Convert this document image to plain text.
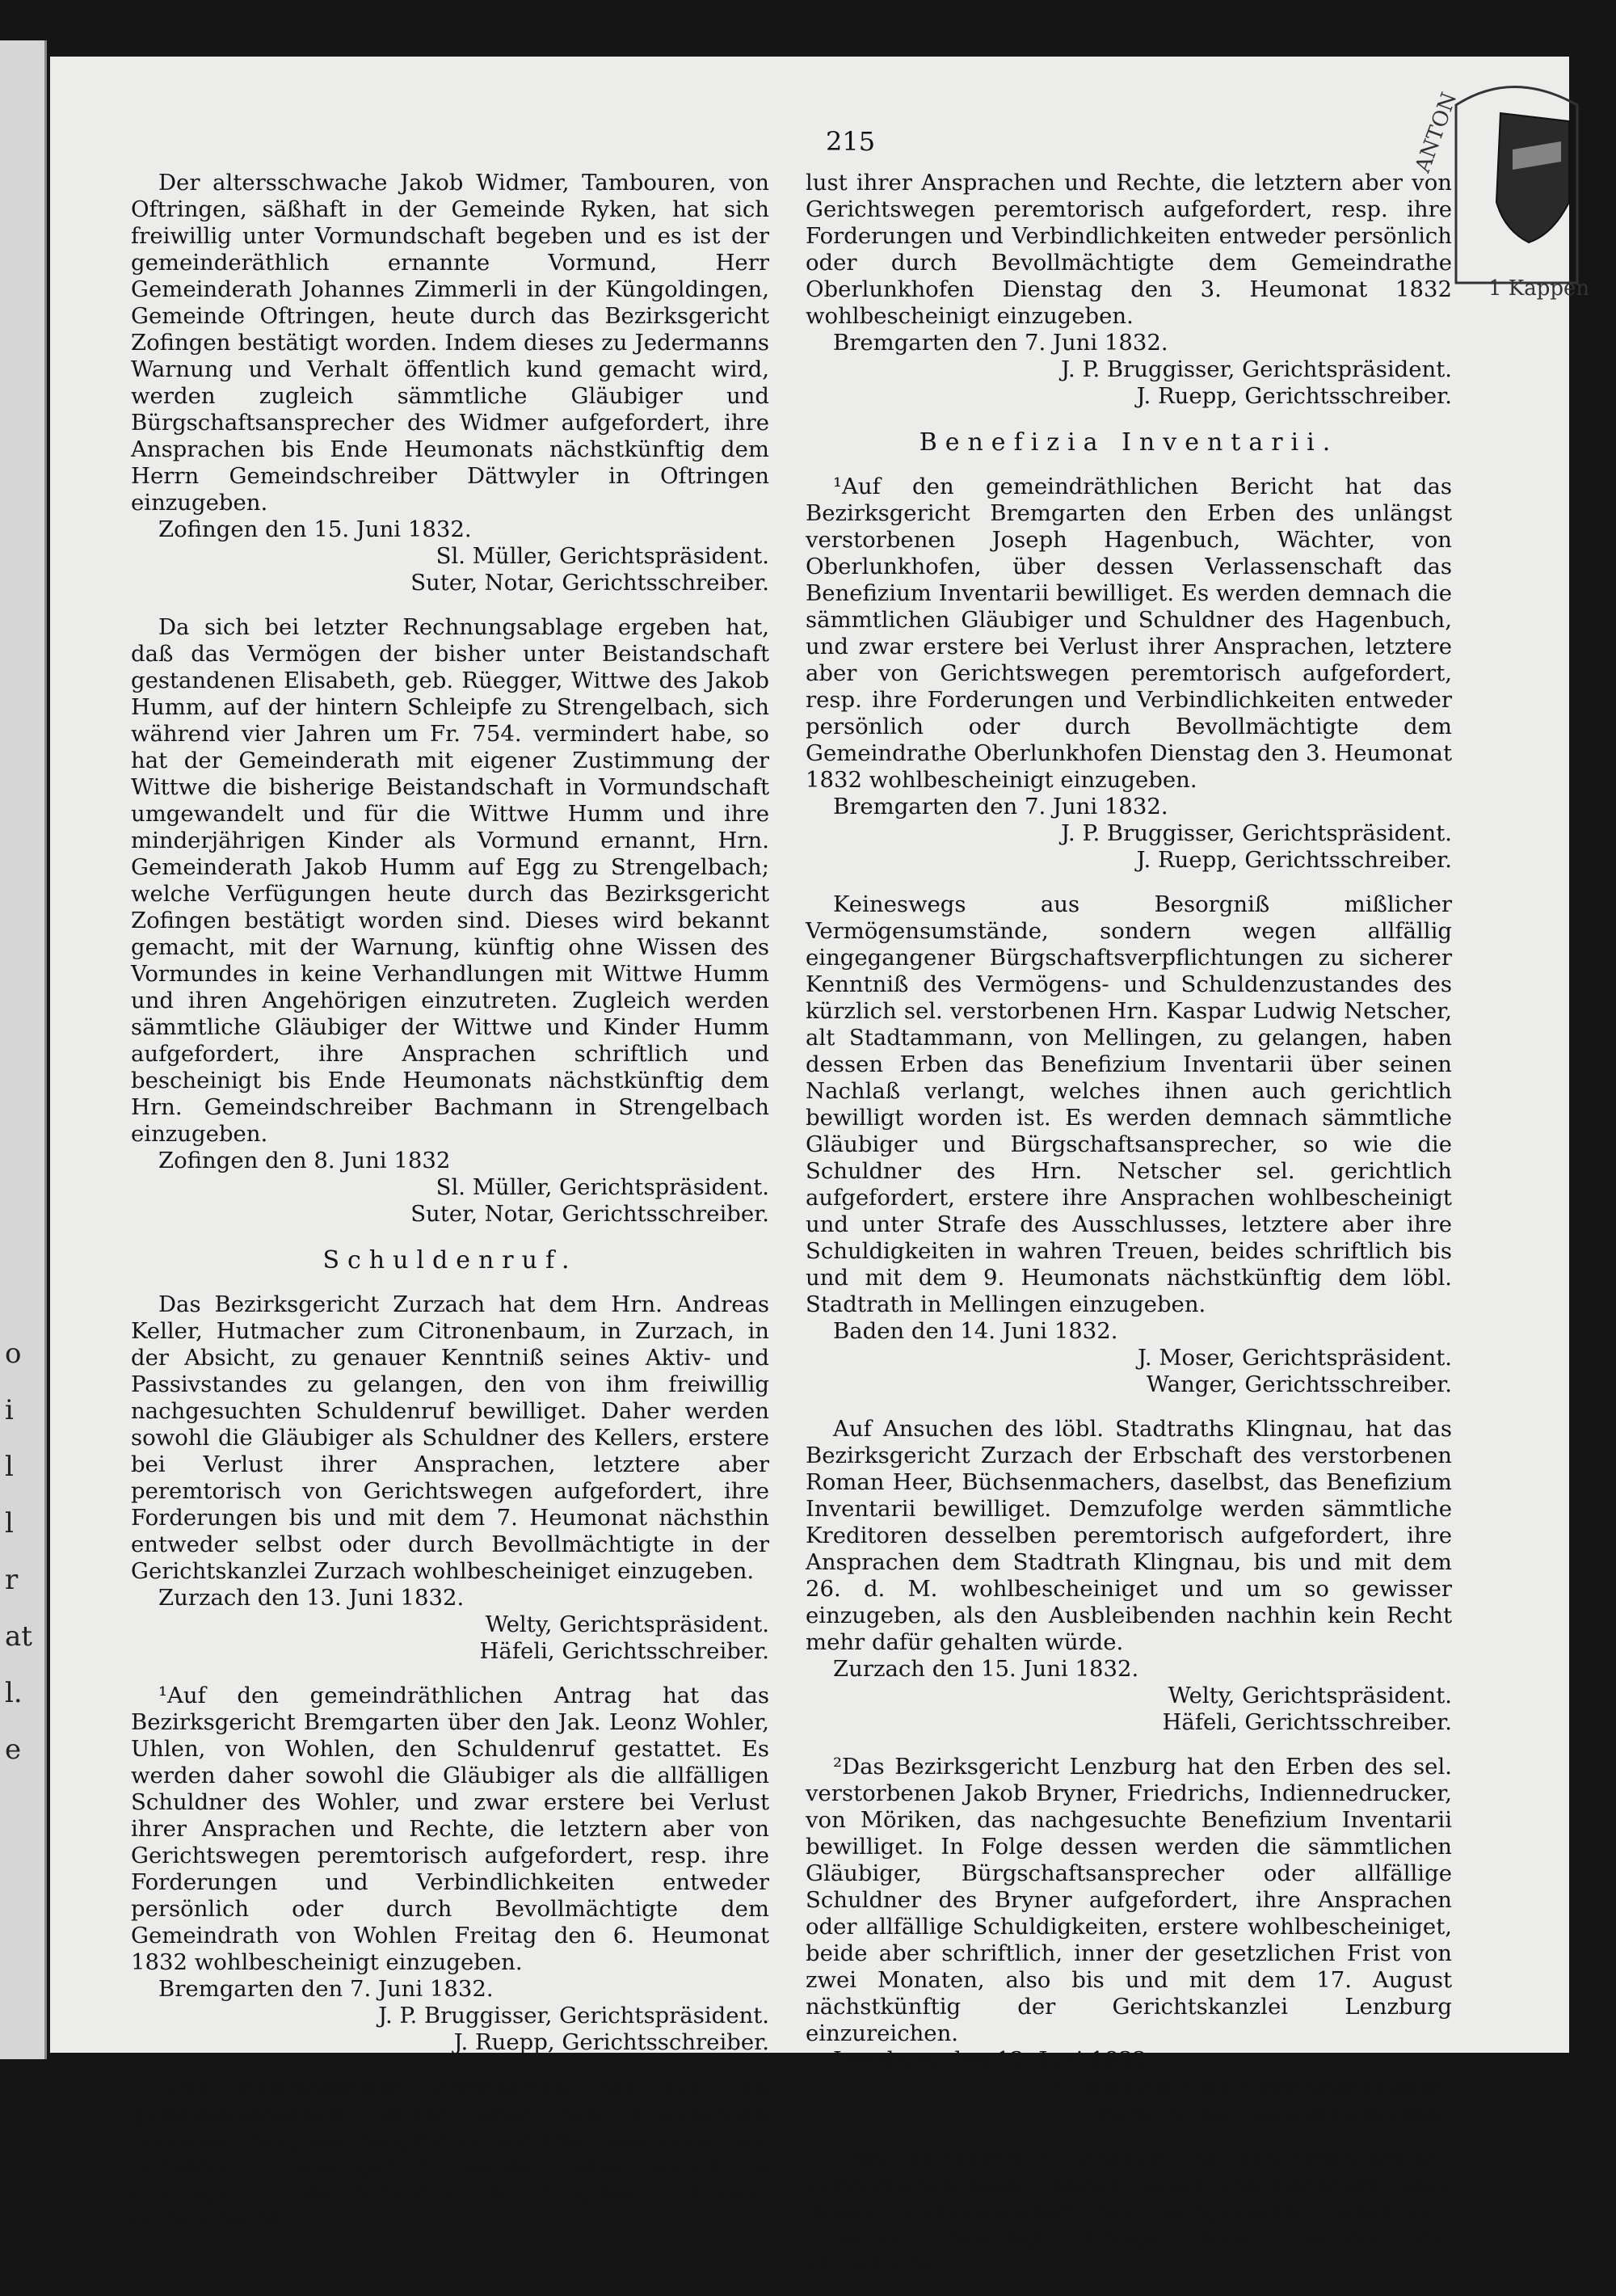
o
i
l
l
r
at
l.
e
215	ANTON
1 Kappen

Der altersschwache Jakob Widmer, Tambouren, von Oftringen, säßhaft in der Gemeinde Ryken, hat sich freiwillig unter Vormundschaft begeben und es ist der gemeinderäthlich ernannte Vormund, Herr Gemeinderath Johannes Zimmerli in der Küngoldingen, Gemeinde Oftringen, heute durch das Bezirksgericht Zofingen bestätigt worden. Indem dieses zu Jedermanns Warnung und Verhalt öffentlich kund gemacht wird, werden zugleich sämmtliche Gläubiger und Bürgschaftsansprecher des Widmer aufgefordert, ihre Ansprachen bis Ende Heumonats nächstkünftig dem Herrn Gemeindschreiber Dättwyler in Oftringen einzugeben.

Zofingen den 15. Juni 1832.

Sl. Müller, Gerichtspräsident.

Suter, Notar, Gerichtsschreiber.

Da sich bei letzter Rechnungsablage ergeben hat, daß das Vermögen der bisher unter Beistandschaft gestandenen Elisabeth, geb. Rüegger, Wittwe des Jakob Humm, auf der hintern Schleipfe zu Strengelbach, sich während vier Jahren um Fr. 754. vermindert habe, so hat der Gemeinderath mit eigener Zustimmung der Wittwe die bisherige Beistandschaft in Vormundschaft umgewandelt und für die Wittwe Humm und ihre minderjährigen Kinder als Vormund ernannt, Hrn. Gemeinderath Jakob Humm auf Egg zu Strengelbach; welche Verfügungen heute durch das Bezirksgericht Zofingen bestätigt worden sind. Dieses wird bekannt gemacht, mit der Warnung, künftig ohne Wissen des Vormundes in keine Verhandlungen mit Wittwe Humm und ihren Angehörigen einzutreten. Zugleich werden sämmtliche Gläubiger der Wittwe und Kinder Humm aufgefordert, ihre Ansprachen schriftlich und bescheinigt bis Ende Heumonats nächstkünftig dem Hrn. Gemeindschreiber Bachmann in Strengelbach einzugeben.

Zofingen den 8. Juni 1832

Sl. Müller, Gerichtspräsident.

Suter, Notar, Gerichtsschreiber.

Schuldenruf.

Das Bezirksgericht Zurzach hat dem Hrn. Andreas Keller, Hutmacher zum Citronenbaum, in Zurzach, in der Absicht, zu genauer Kenntniß seines Aktiv- und Passivstandes zu gelangen, den von ihm freiwillig nachgesuchten Schuldenruf bewilliget. Daher werden sowohl die Gläubiger als Schuldner des Kellers, erstere bei Verlust ihrer Ansprachen, letztere aber peremtorisch von Gerichtswegen aufgefordert, ihre Forderungen bis und mit dem 7. Heumonat nächsthin entweder selbst oder durch Bevollmächtigte in der Gerichtskanzlei Zurzach wohlbescheiniget einzugeben.

Zurzach den 13. Juni 1832.

Welty, Gerichtspräsident.

Häfeli, Gerichtsschreiber.

¹Auf den gemeindräthlichen Antrag hat das Bezirksgericht Bremgarten über den Jak. Leonz Wohler, Uhlen, von Wohlen, den Schuldenruf gestattet. Es werden daher sowohl die Gläubiger als die allfälligen Schuldner des Wohler, und zwar erstere bei Verlust ihrer Ansprachen und Rechte, die letztern aber von Gerichtswegen peremtorisch aufgefordert, resp. ihre Forderungen und Verbindlichkeiten entweder persönlich oder durch Bevollmächtigte dem Gemeindrath von Wohlen Freitag den 6. Heumonat 1832 wohlbescheinigt einzugeben.

Bremgarten den 7. Juni 1832.

J. P. Bruggisser, Gerichtspräsident.

J. Ruepp, Gerichtsschreiber.

¹Das Bezirksgericht Bremgarten hat auf den gemeindräthlichen Antrag über den abwesenden Leodegar Bürgißer, Siegristen, von Oberlunkhofen, den Schuldenruf bewilliget. Es werden daher sowohl die Gläubiger als die Schuldner des Bürgißer, und zwar erstere bei Ver-

lust ihrer Ansprachen und Rechte, die letztern aber von Gerichtswegen peremtorisch aufgefordert, resp. ihre Forderungen und Verbindlichkeiten entweder persönlich oder durch Bevollmächtigte dem Gemeindrathe Oberlunkhofen Dienstag den 3. Heumonat 1832 wohlbescheinigt einzugeben.

Bremgarten den 7. Juni 1832.

J. P. Bruggisser, Gerichtspräsident.

J. Ruepp, Gerichtsschreiber.

Benefizia Inventarii.

¹Auf den gemeindräthlichen Bericht hat das Bezirksgericht Bremgarten den Erben des unlängst verstorbenen Joseph Hagenbuch, Wächter, von Oberlunkhofen, über dessen Verlassenschaft das Benefizium Inventarii bewilliget. Es werden demnach die sämmtlichen Gläubiger und Schuldner des Hagenbuch, und zwar erstere bei Verlust ihrer Ansprachen, letztere aber von Gerichtswegen peremtorisch aufgefordert, resp. ihre Forderungen und Verbindlichkeiten entweder persönlich oder durch Bevollmächtigte dem Gemeindrathe Oberlunkhofen Dienstag den 3. Heumonat 1832 wohlbescheinigt einzugeben.

Bremgarten den 7. Juni 1832.

J. P. Bruggisser, Gerichtspräsident.

J. Ruepp, Gerichtsschreiber.

Keineswegs aus Besorgniß mißlicher Vermögensumstände, sondern wegen allfällig eingegangener Bürgschaftsverpflichtungen zu sicherer Kenntniß des Vermögens- und Schuldenzustandes des kürzlich sel. verstorbenen Hrn. Kaspar Ludwig Netscher, alt Stadtammann, von Mellingen, zu gelangen, haben dessen Erben das Benefizium Inventarii über seinen Nachlaß verlangt, welches ihnen auch gerichtlich bewilligt worden ist. Es werden demnach sämmtliche Gläubiger und Bürgschaftsansprecher, so wie die Schuldner des Hrn. Netscher sel. gerichtlich aufgefordert, erstere ihre Ansprachen wohlbescheinigt und unter Strafe des Ausschlusses, letztere aber ihre Schuldigkeiten in wahren Treuen, beides schriftlich bis und mit dem 9. Heumonats nächstkünftig dem löbl. Stadtrath in Mellingen einzugeben.

Baden den 14. Juni 1832.

J. Moser, Gerichtspräsident.

Wanger, Gerichtsschreiber.

Auf Ansuchen des löbl. Stadtraths Klingnau, hat das Bezirksgericht Zurzach der Erbschaft des verstorbenen Roman Heer, Büchsenmachers, daselbst, das Benefizium Inventarii bewilliget. Demzufolge werden sämmtliche Kreditoren desselben peremtorisch aufgefordert, ihre Ansprachen dem Stadtrath Klingnau, bis und mit dem 26. d. M. wohlbescheiniget und um so gewisser einzugeben, als den Ausbleibenden nachhin kein Recht mehr dafür gehalten würde.

Zurzach den 15. Juni 1832.

Welty, Gerichtspräsident.

Häfeli, Gerichtsschreiber.

²Das Bezirksgericht Lenzburg hat den Erben des sel. verstorbenen Jakob Bryner, Friedrichs, Indiennedrucker, von Möriken, das nachgesuchte Benefizium Inventarii bewilliget. In Folge dessen werden die sämmtlichen Gläubiger, Bürgschaftsansprecher oder allfällige Schuldner des Bryner aufgefordert, ihre Ansprachen oder allfällige Schuldigkeiten, erstere wohlbescheiniget, beide aber schriftlich, inner der gesetzlichen Frist von zwei Monaten, also bis und mit dem 17. August nächstkünftig der Gerichtskanzlei Lenzburg einzureichen.

Lenzburg den 12. Juni 1832.

C. Bertschinger, Gerichtspräsident.

Oberli, Notar, Gerichtsschreiber.

²Das Bezirksgericht Lenzburg, hat den Erben des sel. verstorbenen Jakob Halder, Seiler, von Lenzburg, über dessen Verlassenschaft das nachgesuchte Benefizium Inventarii bewilligt. Infolge dessen werden die sämmtlichen
